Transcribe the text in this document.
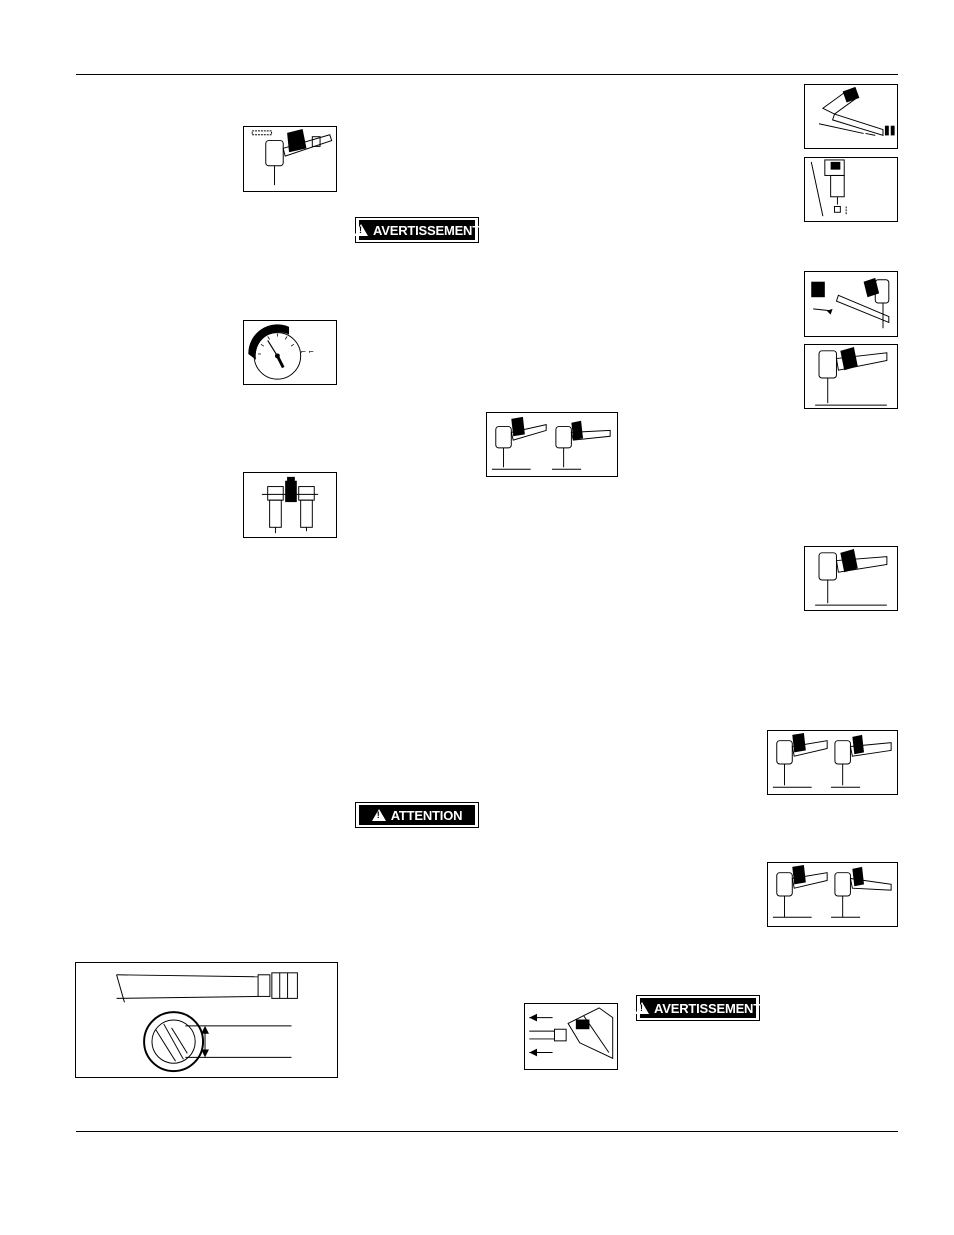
⌐ ⌐
!
AVERTISSEMENT
!
ATTENTION
!
AVERTISSEMENT
